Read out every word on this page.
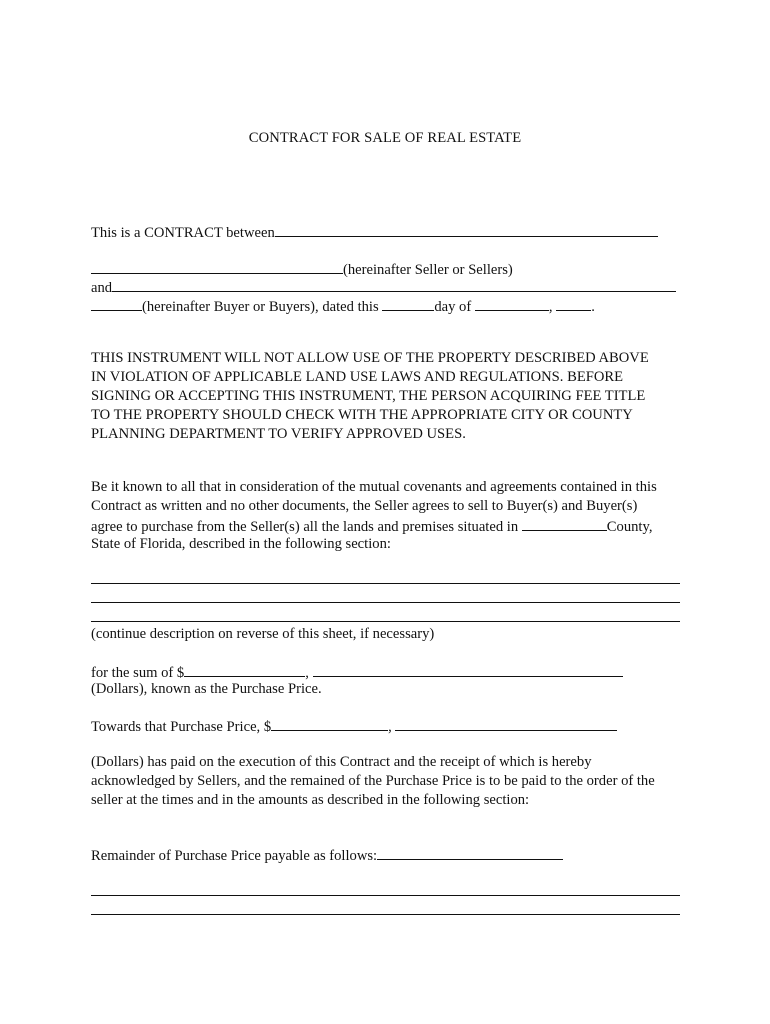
CONTRACT FOR SALE OF REAL ESTATE
This is a CONTRACT between
(hereinafter Seller or Sellers)
and
(hereinafter Buyer or Buyers), dated this	day of	,	.
THIS INSTRUMENT WILL NOT ALLOW USE OF THE PROPERTY DESCRIBED ABOVE
IN VIOLATION OF APPLICABLE LAND USE LAWS AND REGULATIONS. BEFORE
SIGNING OR ACCEPTING THIS INSTRUMENT, THE PERSON ACQUIRING FEE TITLE
TO THE PROPERTY SHOULD CHECK WITH THE APPROPRIATE CITY OR COUNTY
PLANNING DEPARTMENT TO VERIFY APPROVED USES.
Be it known to all that in consideration of the mutual covenants and agreements contained in this
Contract as written and no other documents, the Seller agrees to sell to Buyer(s) and Buyer(s)
agree to purchase from the Seller(s) all the lands and premises situated in	County,
State of Florida, described in the following section:
(continue description on reverse of this sheet, if necessary)
for the sum of $	,
(Dollars), known as the Purchase Price.
Towards that Purchase Price, $	,
(Dollars) has paid on the execution of this Contract and the receipt of which is hereby
acknowledged by Sellers, and the remained of the Purchase Price is to be paid to the order of the
seller at the times and in the amounts as described in the following section:
Remainder of Purchase Price payable as follows:
